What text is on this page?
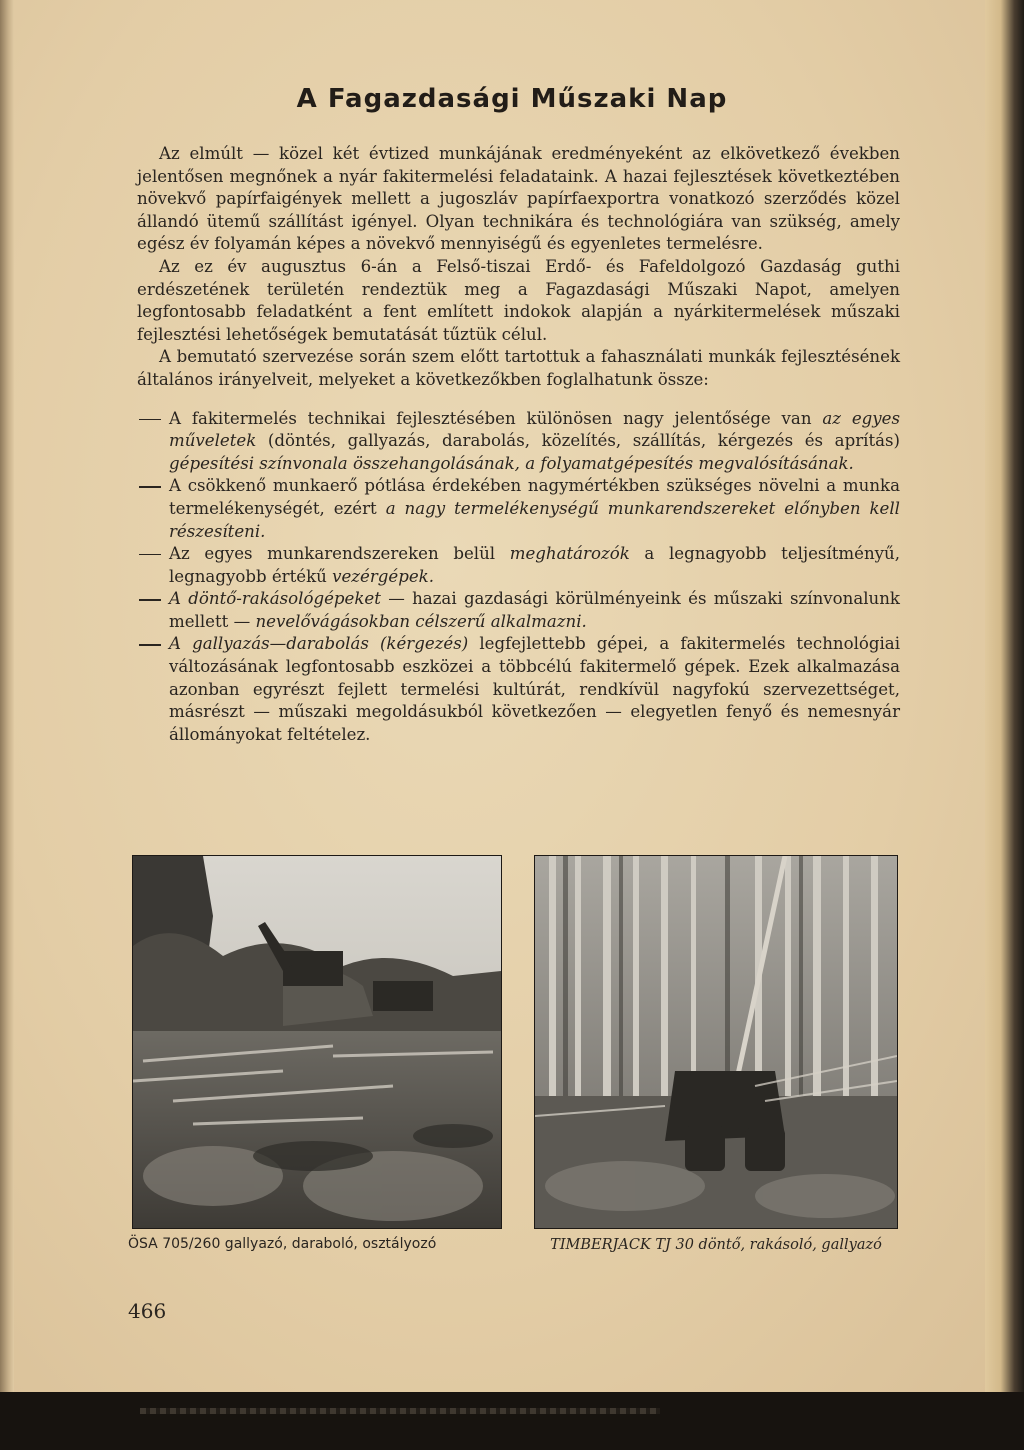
A Fagazdasági Műszaki Nap

Az elmúlt — közel két évtized munkájának eredményeként az elkövetkező években jelentősen megnőnek a nyár fakitermelési feladataink. A hazai fejlesztések következtében növekvő papírfaigények mellett a jugoszláv papírfaexportra vonatkozó szerződés közel állandó ütemű szállítást igényel. Olyan technikára és technológiára van szükség, amely egész év folyamán képes a növekvő mennyiségű és egyenletes termelésre.

Az ez év augusztus 6-án a Felső-tiszai Erdő- és Fafeldolgozó Gazdaság guthi erdészetének területén rendeztük meg a Fagazdasági Műszaki Napot, amelyen legfontosabb feladatként a fent említett indokok alapján a nyárkitermelések műszaki fejlesztési lehetőségek bemutatását tűztük célul.

A bemutató szervezése során szem előtt tartottuk a fahasználati munkák fejlesztésének általános irányelveit, melyeket a következőkben foglalhatunk össze:

A fakitermelés technikai fejlesztésében különösen nagy jelentősége van az egyes műveletek (döntés, gallyazás, darabolás, közelítés, szállítás, kérgezés és aprítás) gépesítési színvonala összehangolásának, a folyamatgépesítés megvalósításának.
A csökkenő munkaerő pótlása érdekében nagymértékben szükséges növelni a munka termelékenységét, ezért a nagy termelékenységű munkarendszereket előnyben kell részesíteni.
Az egyes munkarendszereken belül meghatározók a legnagyobb teljesítményű, legnagyobb értékű vezérgépek.
A döntő-rakásológépeket — hazai gazdasági körülményeink és műszaki színvonalunk mellett — nevelővágásokban célszerű alkalmazni.
A gallyazás—darabolás (kérgezés) legfejlettebb gépei, a fakitermelés technológiai változásának legfontosabb eszközei a többcélú fakitermelő gépek. Ezek alkalmazása azonban egyrészt fejlett termelési kultúrát, rendkívül nagyfokú szervezettséget, másrészt — műszaki megoldásukból következően — elegyetlen fenyő és nemesnyár állományokat feltételez.
ÖSA 705/260 gallyazó, daraboló, osztályozó	TIMBERJACK TJ 30 döntő, rakásoló, gallyazó
466
